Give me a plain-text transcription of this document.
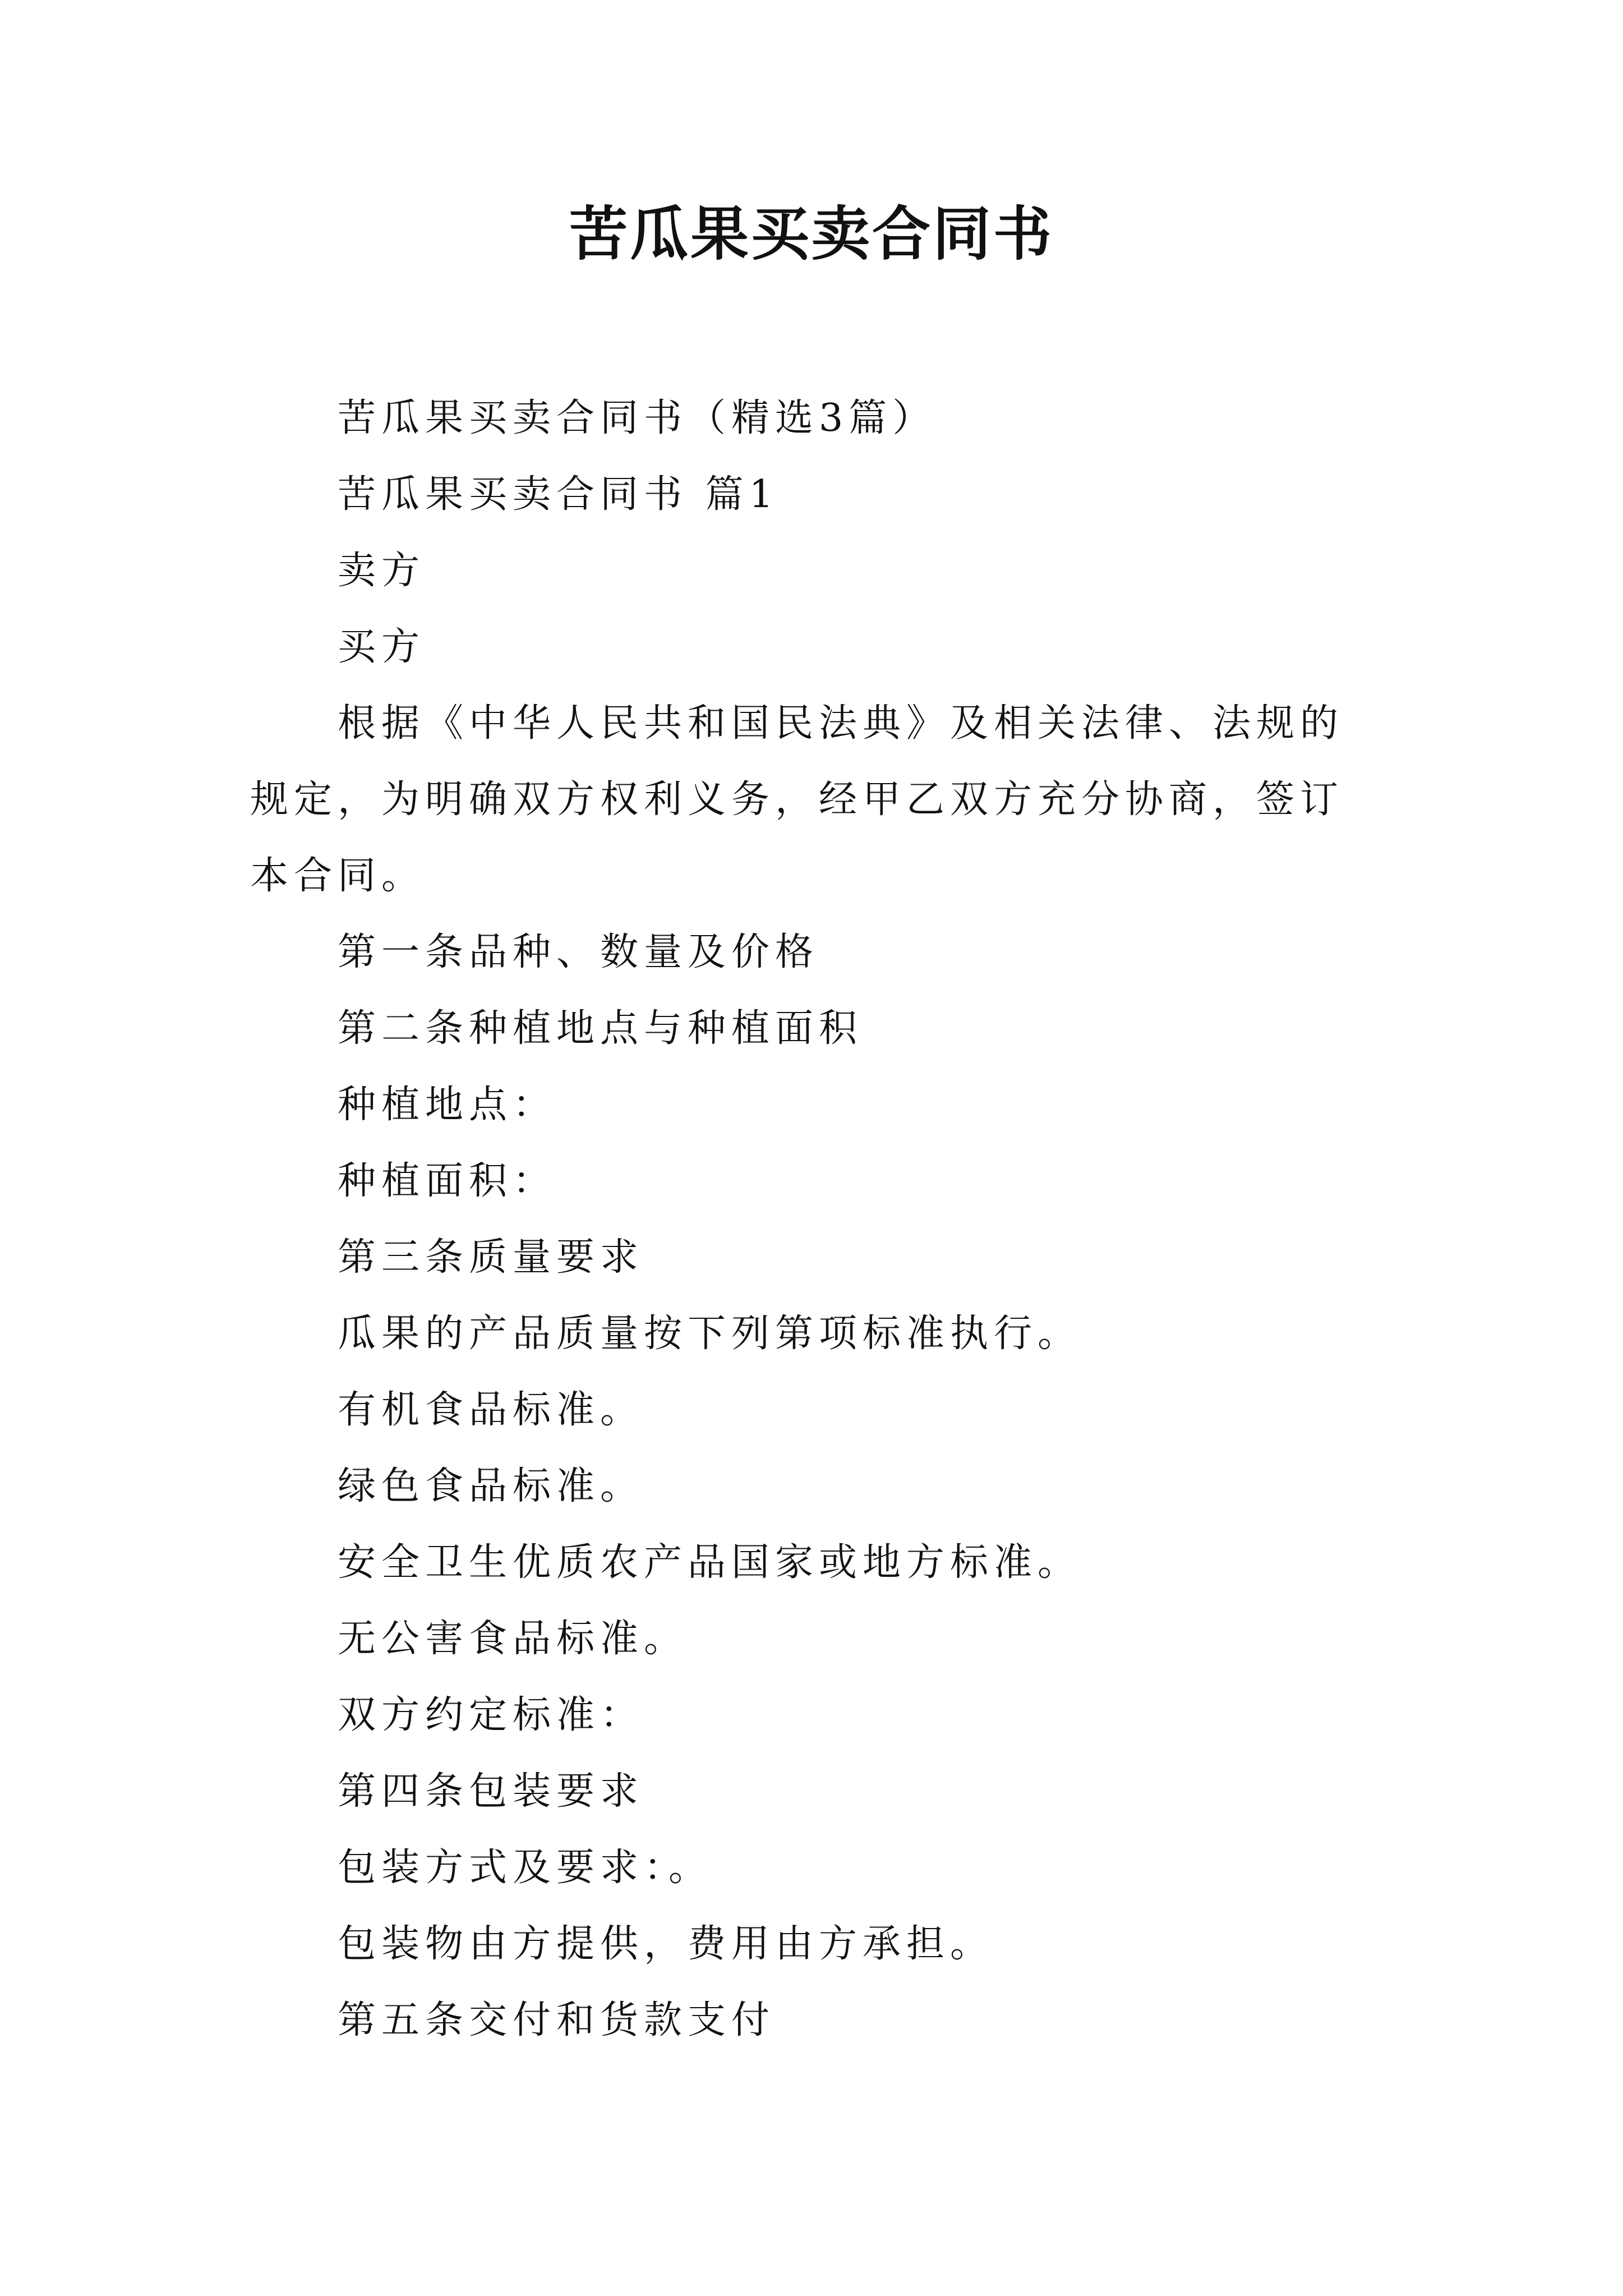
苦瓜果买卖合同书

苦瓜果买卖合同书（精选3篇）

苦瓜果买卖合同书 篇1

卖方

买方

根据《中华人民共和国民法典》及相关法律、法规的规定，为明确双方权利义务，经甲乙双方充分协商，签订本合同。

第一条品种、数量及价格

第二条种植地点与种植面积

种植地点：

种植面积：

第三条质量要求

瓜果的产品质量按下列第项标准执行。

有机食品标准。

绿色食品标准。

安全卫生优质农产品国家或地方标准。

无公害食品标准。

双方约定标准：

第四条包装要求

包装方式及要求：。

包装物由方提供，费用由方承担。

第五条交付和货款支付
